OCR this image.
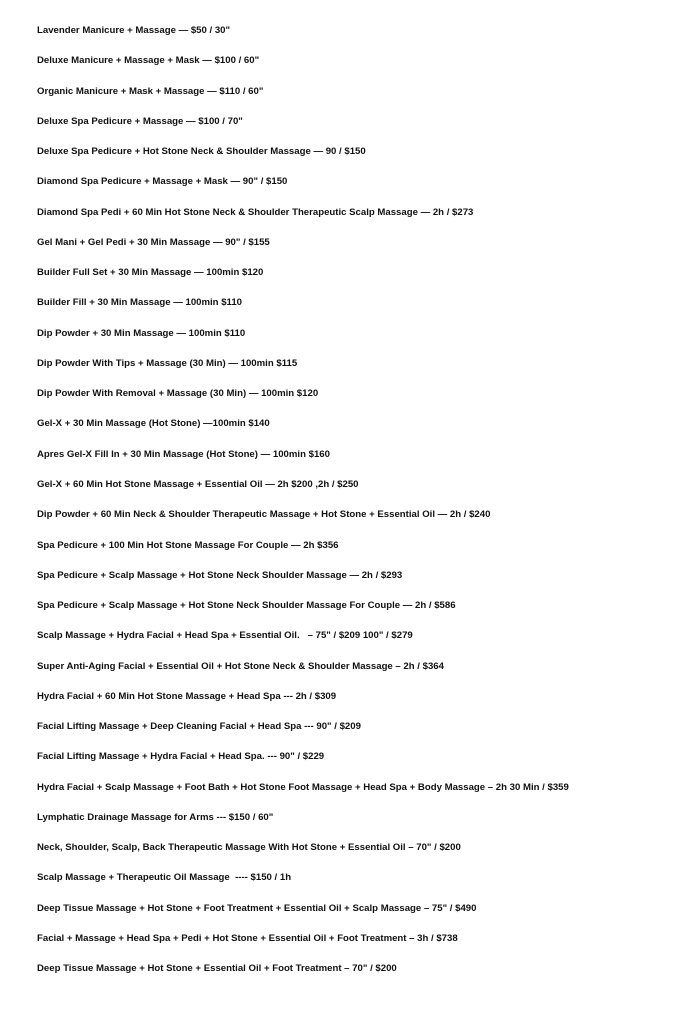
Lavender Manicure + Massage — $50 / 30"
Deluxe Manicure + Massage + Mask — $100 / 60"
Organic Manicure + Mask + Massage — $110 / 60"
Deluxe Spa Pedicure + Massage — $100 / 70"
Deluxe Spa Pedicure + Hot Stone Neck & Shoulder Massage — 90 / $150
Diamond Spa Pedicure + Massage + Mask — 90" / $150
Diamond Spa Pedi + 60 Min Hot Stone Neck & Shoulder Therapeutic Scalp Massage — 2h / $273
Gel Mani + Gel Pedi + 30 Min Massage — 90" / $155
Builder Full Set + 30 Min Massage — 100min $120
Builder Fill + 30 Min Massage — 100min $110
Dip Powder + 30 Min Massage — 100min $110
Dip Powder With Tips + Massage (30 Min) — 100min $115
Dip Powder With Removal + Massage (30 Min) — 100min $120
Gel-X + 30 Min Massage (Hot Stone) —100min $140
Apres Gel-X Fill In + 30 Min Massage (Hot Stone) — 100min $160
Gel-X + 60 Min Hot Stone Massage + Essential Oil — 2h $200 ,2h / $250
Dip Powder + 60 Min Neck & Shoulder Therapeutic Massage + Hot Stone + Essential Oil — 2h / $240
Spa Pedicure + 100 Min Hot Stone Massage For Couple — 2h $356
Spa Pedicure + Scalp Massage + Hot Stone Neck Shoulder Massage — 2h / $293
Spa Pedicure + Scalp Massage + Hot Stone Neck Shoulder Massage For Couple — 2h / $586
Scalp Massage + Hydra Facial + Head Spa + Essential Oil.   – 75" / $209 100" / $279
Super Anti-Aging Facial + Essential Oil + Hot Stone Neck & Shoulder Massage – 2h / $364
Hydra Facial + 60 Min Hot Stone Massage + Head Spa --- 2h / $309
Facial Lifting Massage + Deep Cleaning Facial + Head Spa --- 90" / $209
Facial Lifting Massage + Hydra Facial + Head Spa. --- 90" / $229
Hydra Facial + Scalp Massage + Foot Bath + Hot Stone Foot Massage + Head Spa + Body Massage – 2h 30 Min / $359
Lymphatic Drainage Massage for Arms --- $150 / 60"
Neck, Shoulder, Scalp, Back Therapeutic Massage With Hot Stone + Essential Oil – 70" / $200
Scalp Massage + Therapeutic Oil Massage  ---- $150 / 1h
Deep Tissue Massage + Hot Stone + Foot Treatment + Essential Oil + Scalp Massage – 75" / $490
Facial + Massage + Head Spa + Pedi + Hot Stone + Essential Oil + Foot Treatment – 3h / $738
Deep Tissue Massage + Hot Stone + Essential Oil + Foot Treatment – 70" / $200
